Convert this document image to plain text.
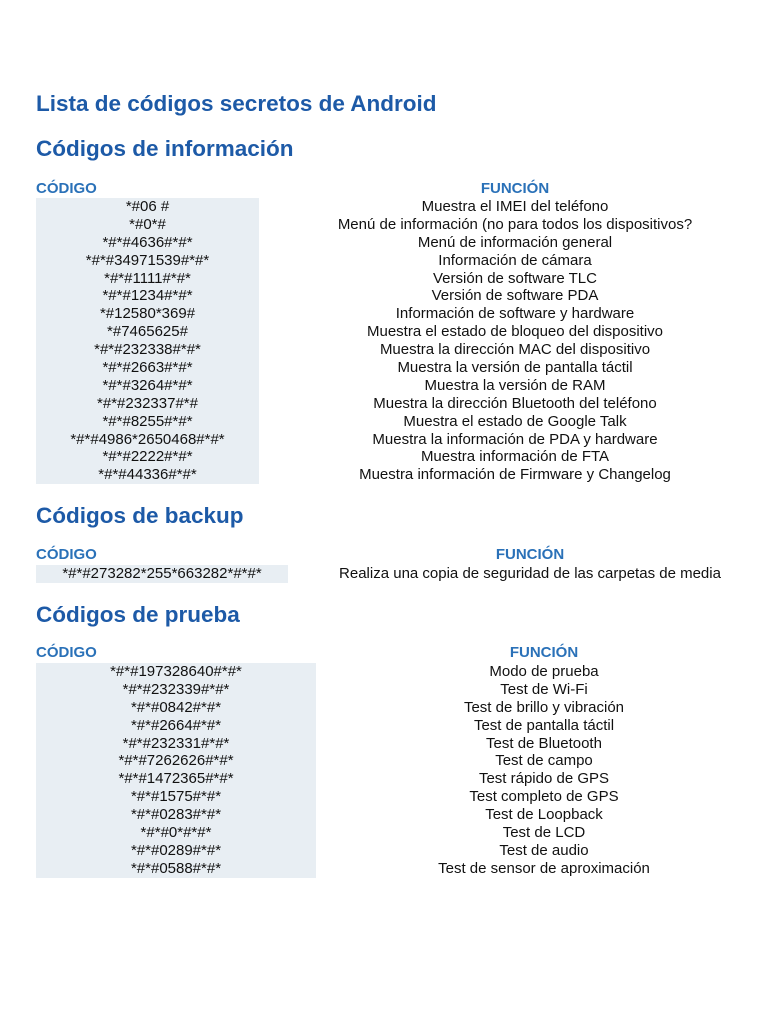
Lista de códigos secretos de Android
Códigos de información
CÓDIGO	FUNCIÓN
*#06 #	Muestra el IMEI del teléfono
*#0*#	Menú de información (no para todos los dispositivos?
*#*#4636#*#*	Menú de información general
*#*#34971539#*#*	Información de cámara
*#*#1111#*#*	Versión de software TLC
*#*#1234#*#*	Versión de software PDA
*#12580*369#	Información de software y hardware
*#7465625#	Muestra el estado de bloqueo del dispositivo
*#*#232338#*#*	Muestra la dirección MAC del dispositivo
*#*#2663#*#*	Muestra la versión de pantalla táctil
*#*#3264#*#*	Muestra la versión de RAM
*#*#232337#*#	Muestra la dirección Bluetooth del teléfono
*#*#8255#*#*	Muestra el estado de Google Talk
*#*#4986*2650468#*#*	Muestra la información de PDA y hardware
*#*#2222#*#*	Muestra información de FTA
*#*#44336#*#*	Muestra información de Firmware y Changelog
Códigos de backup
CÓDIGO	FUNCIÓN
*#*#273282*255*663282*#*#*	Realiza una copia de seguridad de las carpetas de media
Códigos de prueba
CÓDIGO	FUNCIÓN
*#*#197328640#*#*	Modo de prueba
*#*#232339#*#*	Test de Wi-Fi
*#*#0842#*#*	Test de brillo y vibración
*#*#2664#*#*	Test de pantalla táctil
*#*#232331#*#*	Test de Bluetooth
*#*#7262626#*#*	Test de campo
*#*#1472365#*#*	Test rápido de GPS
*#*#1575#*#*	Test completo de GPS
*#*#0283#*#*	Test de Loopback
*#*#0*#*#*	Test de LCD
*#*#0289#*#*	Test de audio
*#*#0588#*#*	Test de sensor de aproximación
